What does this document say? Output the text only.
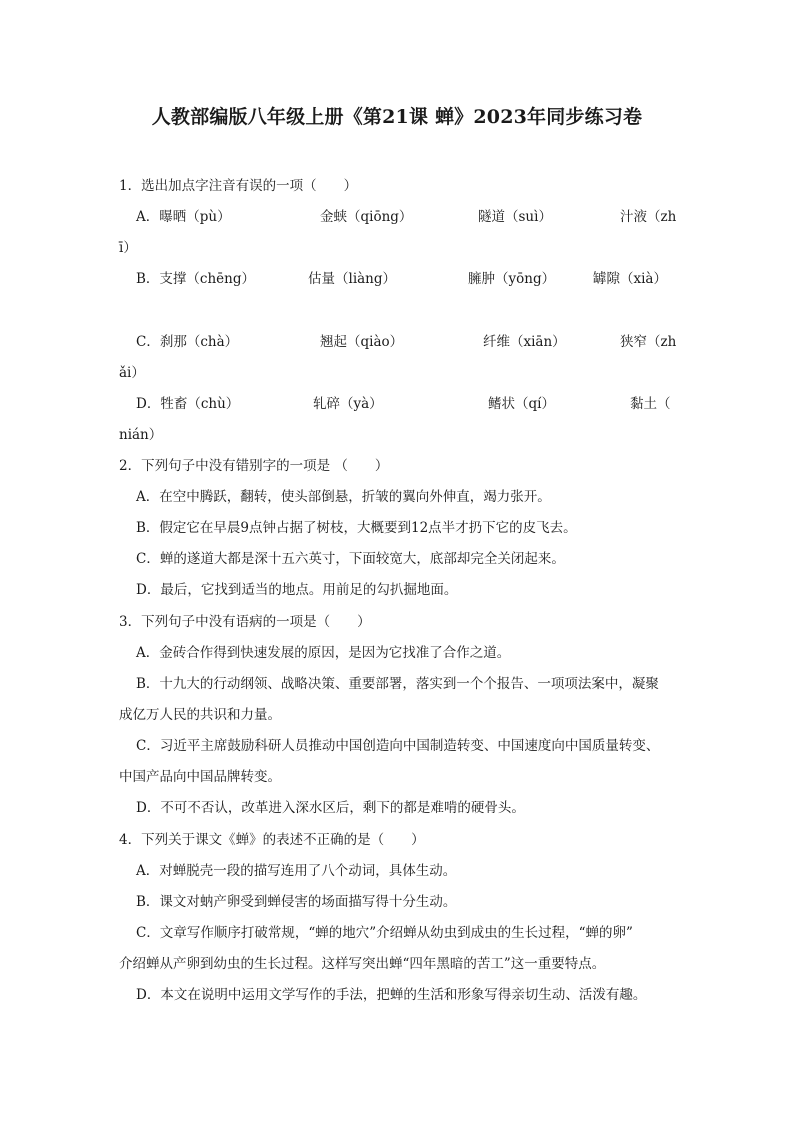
人教部编版八年级上册《第21课 蝉》2023年同步练习卷
1．选出加点字注音有误的一项（　　）
A．曝晒（pù）	金蛱（qiōng）	隧道（suì）	汁液（zh
ī）
B．支撑（chēng）	估量（liàng）	臃肿（yōng）	罅隙（xià）
C．刹那（chà）	翘起（qiào）	纤维（xiān）	狭窄（zh
ǎi）
D．牲畜（chù）	轧碎（yà）	鳍状（qí）	黏土（
nián）
2．下列句子中没有错别字的一项是 （　　）
A．在空中腾跃，翻转，使头部倒悬，折皱的翼向外伸直，竭力张开。
B．假定它在早晨9点钟占据了树枝，大概要到12点半才扔下它的皮飞去。
C．蝉的遂道大都是深十五六英寸，下面较宽大，底部却完全关闭起来。
D．最后，它找到适当的地点。用前足的勾扒掘地面。
3．下列句子中没有语病的一项是（　　）
A．金砖合作得到快速发展的原因，是因为它找准了合作之道。
B．十九大的行动纲领、战略决策、重要部署，落实到一个个报告、一项项法案中，凝聚
成亿万人民的共识和力量。
C．习近平主席鼓励科研人员推动中国创造向中国制造转变、中国速度向中国质量转变、
中国产品向中国品牌转变。
D．不可不否认，改革进入深水区后，剩下的都是难啃的硬骨头。
4．下列关于课文《蝉》的表述不正确的是（　　）
A．对蝉脱壳一段的描写连用了八个动词，具体生动。
B．课文对蚋产卵受到蝉侵害的场面描写得十分生动。
C．文章写作顺序打破常规，“蝉的地穴”介绍蝉从幼虫到成虫的生长过程，“蝉的卵”
介绍蝉从产卵到幼虫的生长过程。这样写突出蝉“四年黑暗的苦工”这一重要特点。
D．本文在说明中运用文学写作的手法，把蝉的生活和形象写得亲切生动、活泼有趣。
